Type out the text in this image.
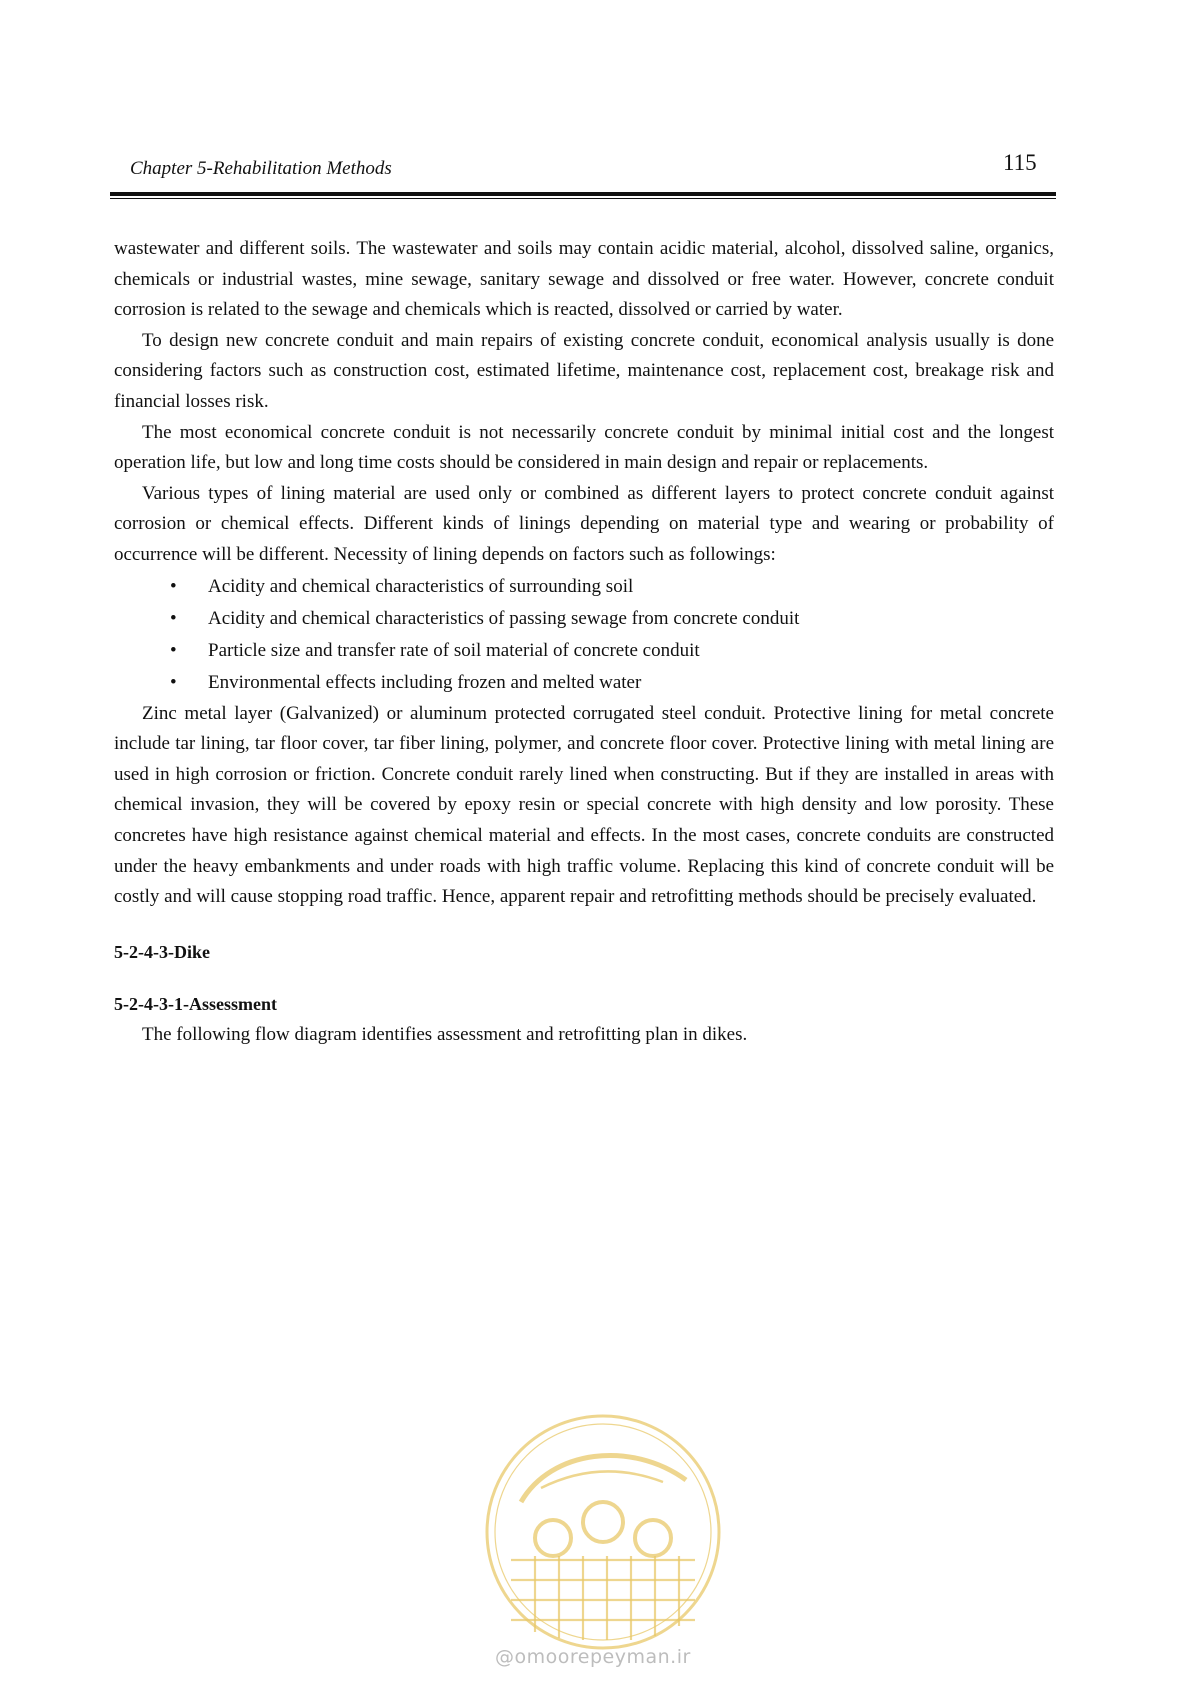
Chapter 5-Rehabilitation Methods	115

wastewater and different soils. The wastewater and soils may contain acidic material, alcohol, dissolved saline, organics, chemicals or industrial wastes, mine sewage, sanitary sewage and dissolved or free water. However, concrete conduit corrosion is related to the sewage and chemicals which is reacted, dissolved or carried by water.

To design new concrete conduit and main repairs of existing concrete conduit, economical analysis usually is done considering factors such as construction cost, estimated lifetime, maintenance cost, replacement cost, breakage risk and financial losses risk.

The most economical concrete conduit is not necessarily concrete conduit by minimal initial cost and the longest operation life, but low and long time costs should be considered in main design and repair or replacements.

Various types of lining material are used only or combined as different layers to protect concrete conduit against corrosion or chemical effects. Different kinds of linings depending on material type and wearing or probability of occurrence will be different. Necessity of lining depends on factors such as followings:

• Acidity and chemical characteristics of surrounding soil
• Acidity and chemical characteristics of passing sewage from concrete conduit
• Particle size and transfer rate of soil material of concrete conduit
• Environmental effects including frozen and melted water

Zinc metal layer (Galvanized) or aluminum protected corrugated steel conduit. Protective lining for metal concrete include tar lining, tar floor cover, tar fiber lining, polymer, and concrete floor cover. Protective lining with metal lining are used in high corrosion or friction. Concrete conduit rarely lined when constructing. But if they are installed in areas with chemical invasion, they will be covered by epoxy resin or special concrete with high density and low porosity. These concretes have high resistance against chemical material and effects. In the most cases, concrete conduits are constructed under the heavy embankments and under roads with high traffic volume. Replacing this kind of concrete conduit will be costly and will cause stopping road traffic. Hence, apparent repair and retrofitting methods should be precisely evaluated.

5-2-4-3-Dike

5-2-4-3-1-Assessment

The following flow diagram identifies assessment and retrofitting plan in dikes.

@omoorepeyman.ir
